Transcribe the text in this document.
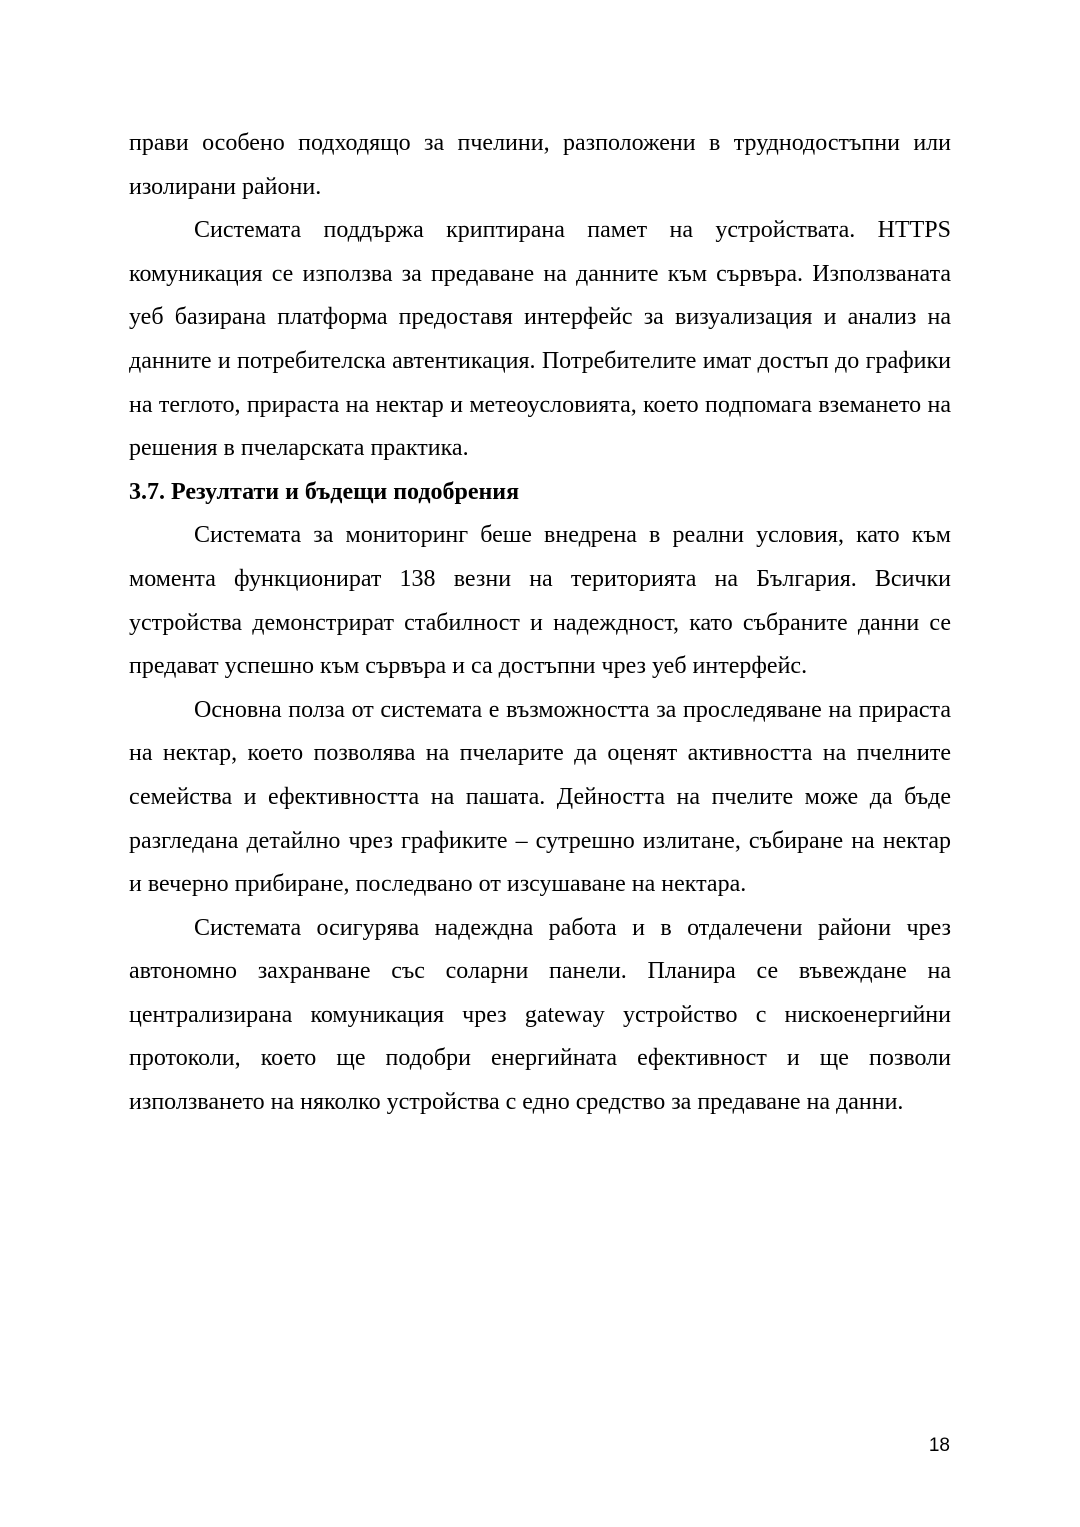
прави особено подходящо за пчелини, разположени в труднодостъпни или изолирани райони.

Системата поддържа криптирана памет на устройствата. HTTPS комуникация се използва за предаване на данните към сървъра. Използваната уеб базирана платформа предоставя интерфейс за визуализация и анализ на данните и потребителска автентикация. Потребителите имат достъп до графики на теглото, прираста на нектар и метеоусловията, което подпомага вземането на решения в пчеларската практика.

3.7. Резултати и бъдещи подобрения

Системата за мониторинг беше внедрена в реални условия, като към момента функционират 138 везни на територията на България. Всички устройства демонстрират стабилност и надеждност, като събраните данни се предават успешно към сървъра и са достъпни чрез уеб интерфейс.

Основна полза от системата е възможността за проследяване на прираста на нектар, което позволява на пчеларите да оценят активността на пчелните семейства и ефективността на пашата. Дейността на пчелите може да бъде разгледана детайлно чрез графиките – сутрешно излитане, събиране на нектар и вечерно прибиране, последвано от изсушаване на нектара.

Системата осигурява надеждна работа и в отдалечени райони чрез автономно захранване със соларни панели. Планира се въвеждане на централизирана комуникация чрез gateway устройство с нискоенергийни протоколи, което ще подобри енергийната ефективност и ще позволи използването на няколко устройства с едно средство за предаване на данни.

18
